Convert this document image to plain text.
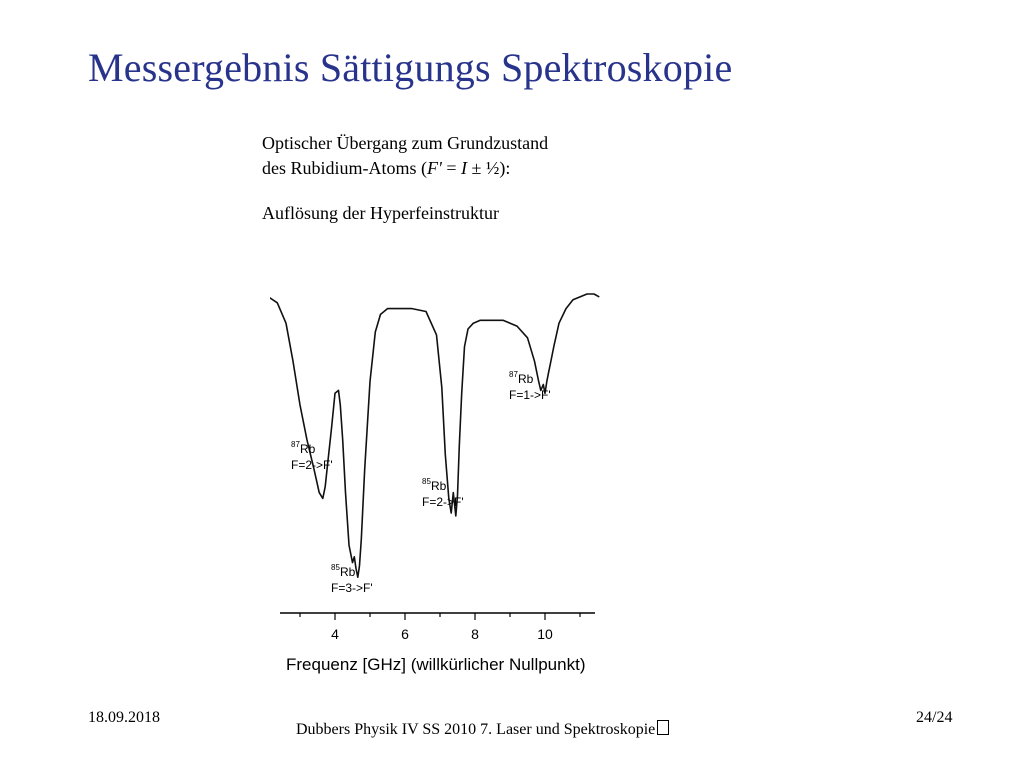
Messergebnis Sättigungs Spektroskopie
Optischer Übergang zum Grundzustand
des Rubidium-Atoms (F' = I ± ½):
Auflösung der Hyperfeinstruktur
4	6	8	10
87 Rb
F=2->F'
85 Rb
F=3->F'
85 Rb
F=2->F'
87 Rb
F=1->F'
Frequenz [GHz] (willkürlicher Nullpunkt)
18.09.2018
Dubbers Physik IV SS 2010 7. Laser und Spektroskopie
24/24
